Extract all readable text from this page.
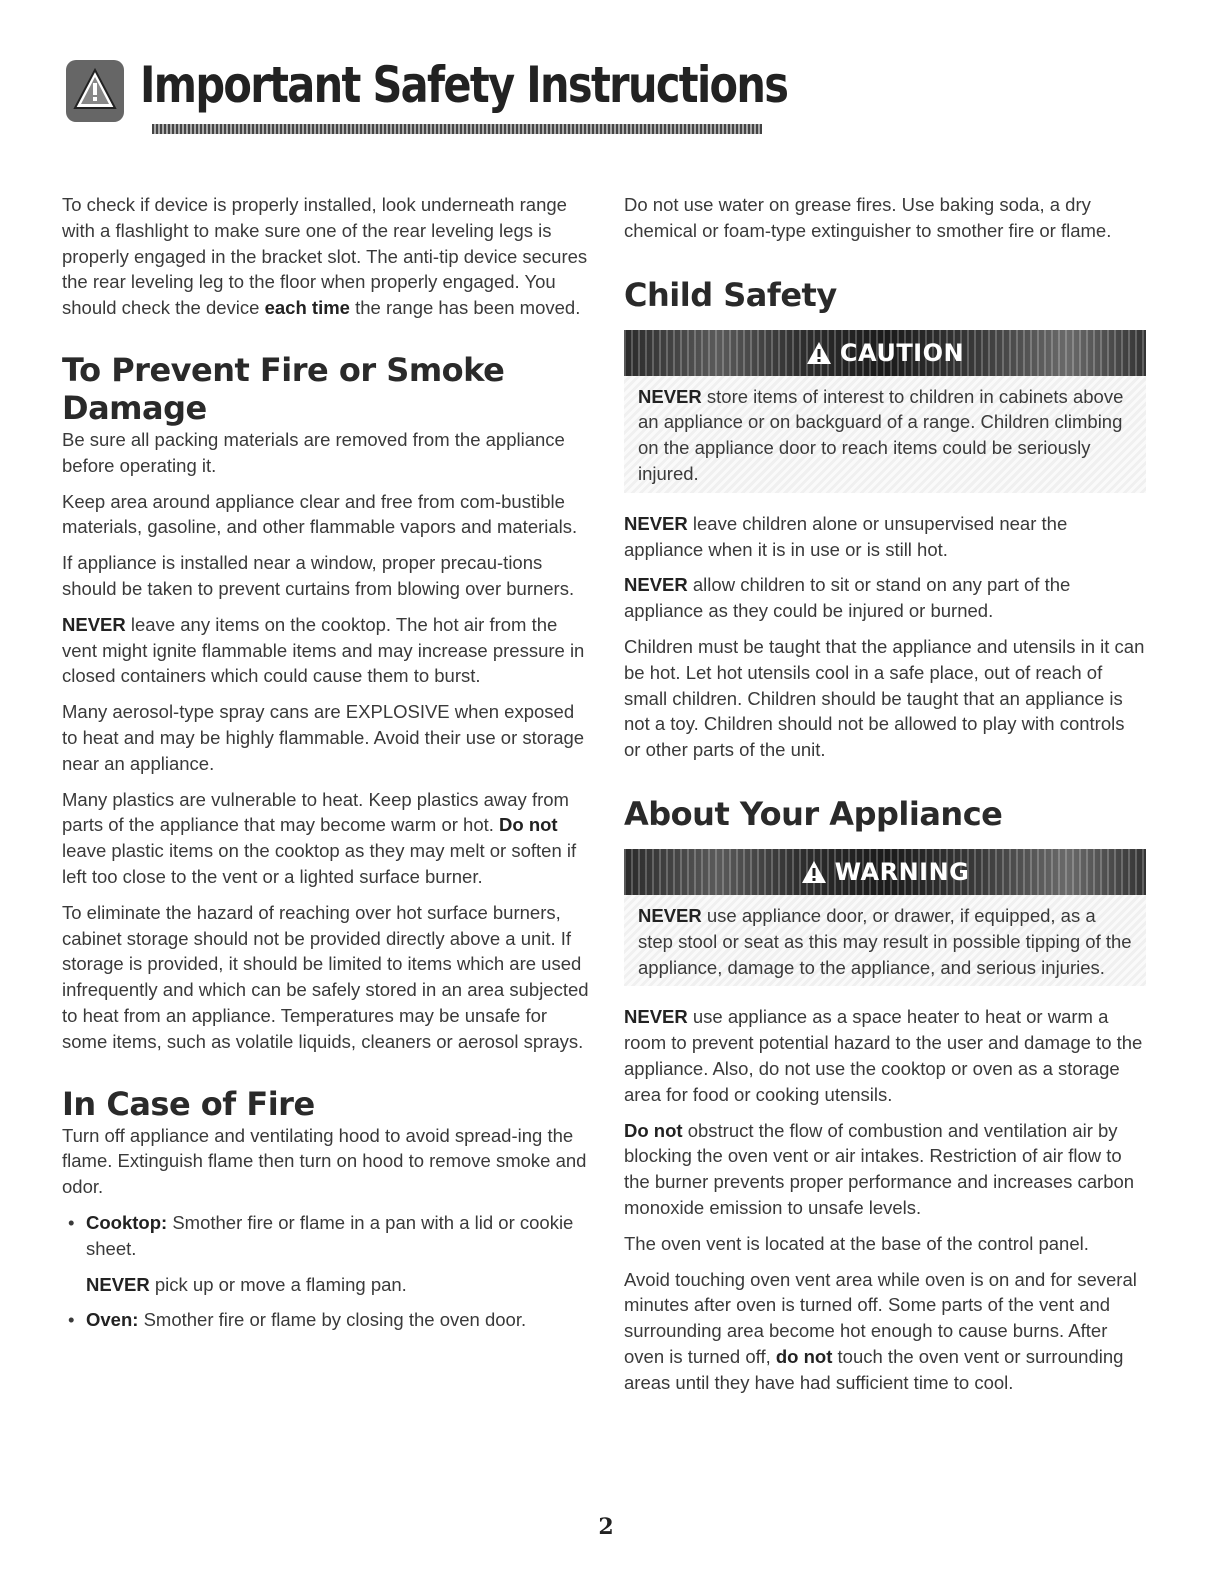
Important Safety Instructions

To check if device is properly installed, look underneath range with a flashlight to make sure one of the rear leveling legs is properly engaged in the bracket slot. The anti-tip device secures the rear leveling leg to the floor when properly engaged. You should check the device each time the range has been moved.

To Prevent Fire or Smoke Damage

Be sure all packing materials are removed from the appliance before operating it.

Keep area around appliance clear and free from com-bustible materials, gasoline, and other flammable vapors and materials.

If appliance is installed near a window, proper precau-tions should be taken to prevent curtains from blowing over burners.

NEVER leave any items on the cooktop. The hot air from the vent might ignite flammable items and may increase pressure in closed containers which could cause them to burst.

Many aerosol-type spray cans are EXPLOSIVE when exposed to heat and may be highly flammable. Avoid their use or storage near an appliance.

Many plastics are vulnerable to heat. Keep plastics away from parts of the appliance that may become warm or hot. Do not leave plastic items on the cooktop as they may melt or soften if left too close to the vent or a lighted surface burner.

To eliminate the hazard of reaching over hot surface burners, cabinet storage should not be provided directly above a unit. If storage is provided, it should be limited to items which are used infrequently and which can be safely stored in an area subjected to heat from an appliance. Temperatures may be unsafe for some items, such as volatile liquids, cleaners or aerosol sprays.

In Case of Fire

Turn off appliance and ventilating hood to avoid spread-ing the flame. Extinguish flame then turn on hood to remove smoke and odor.

• Cooktop: Smother fire or flame in a pan with a lid or cookie sheet.

NEVER pick up or move a flaming pan.

• Oven: Smother fire or flame by closing the oven door.

Do not use water on grease fires. Use baking soda, a dry chemical or foam-type extinguisher to smother fire or flame.

Child Safety
CAUTION
NEVER store items of interest to children in cabinets above an appliance or on backguard of a range. Children climbing on the appliance door to reach items could be seriously injured.

NEVER leave children alone or unsupervised near the appliance when it is in use or is still hot.

NEVER allow children to sit or stand on any part of the appliance as they could be injured or burned.

Children must be taught that the appliance and utensils in it can be hot. Let hot utensils cool in a safe place, out of reach of small children. Children should be taught that an appliance is not a toy. Children should not be allowed to play with controls or other parts of the unit.

About Your Appliance
WARNING
NEVER use appliance door, or drawer, if equipped, as a step stool or seat as this may result in possible tipping of the appliance, damage to the appliance, and serious injuries.

NEVER use appliance as a space heater to heat or warm a room to prevent potential hazard to the user and damage to the appliance. Also, do not use the cooktop or oven as a storage area for food or cooking utensils.

Do not obstruct the flow of combustion and ventilation air by blocking the oven vent or air intakes. Restriction of air flow to the burner prevents proper performance and increases carbon monoxide emission to unsafe levels.

The oven vent is located at the base of the control panel.

Avoid touching oven vent area while oven is on and for several minutes after oven is turned off. Some parts of the vent and surrounding area become hot enough to cause burns. After oven is turned off, do not touch the oven vent or surrounding areas until they have had sufficient time to cool.

2
